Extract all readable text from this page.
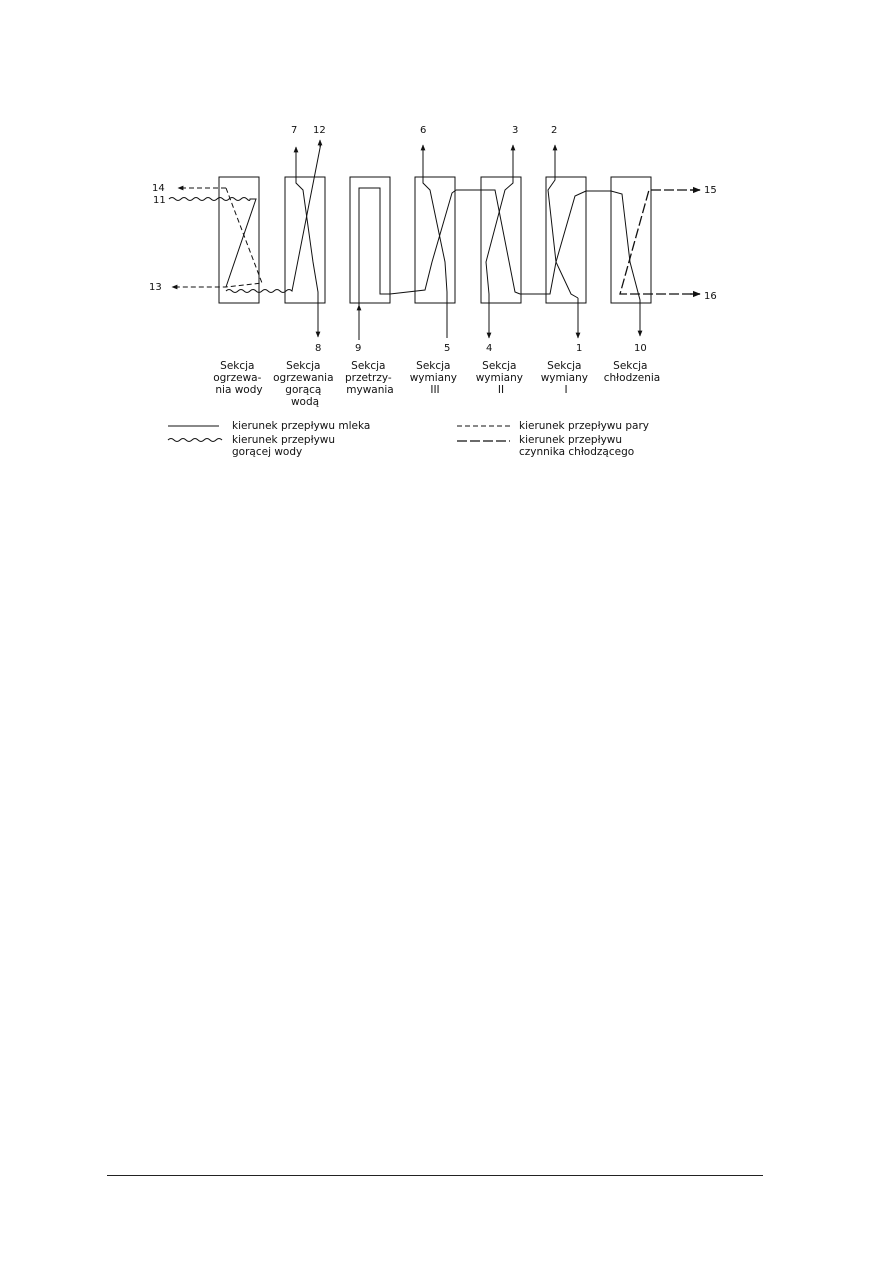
7 12	6	3	2
14
11
13
15
16
8	9	5	4	1	10
Sekcja ogrzewa- nia wody
Sekcja ogrzewania gorącą wodą
Sekcja przetrzy- mywania
Sekcja wymiany III
Sekcja wymiany II
Sekcja wymiany I
Sekcja chłodzenia
kierunek przepływu mleka
kierunek przepływu gorącej wody
kierunek przepływu pary
kierunek przepływu czynnika chłodzącego
